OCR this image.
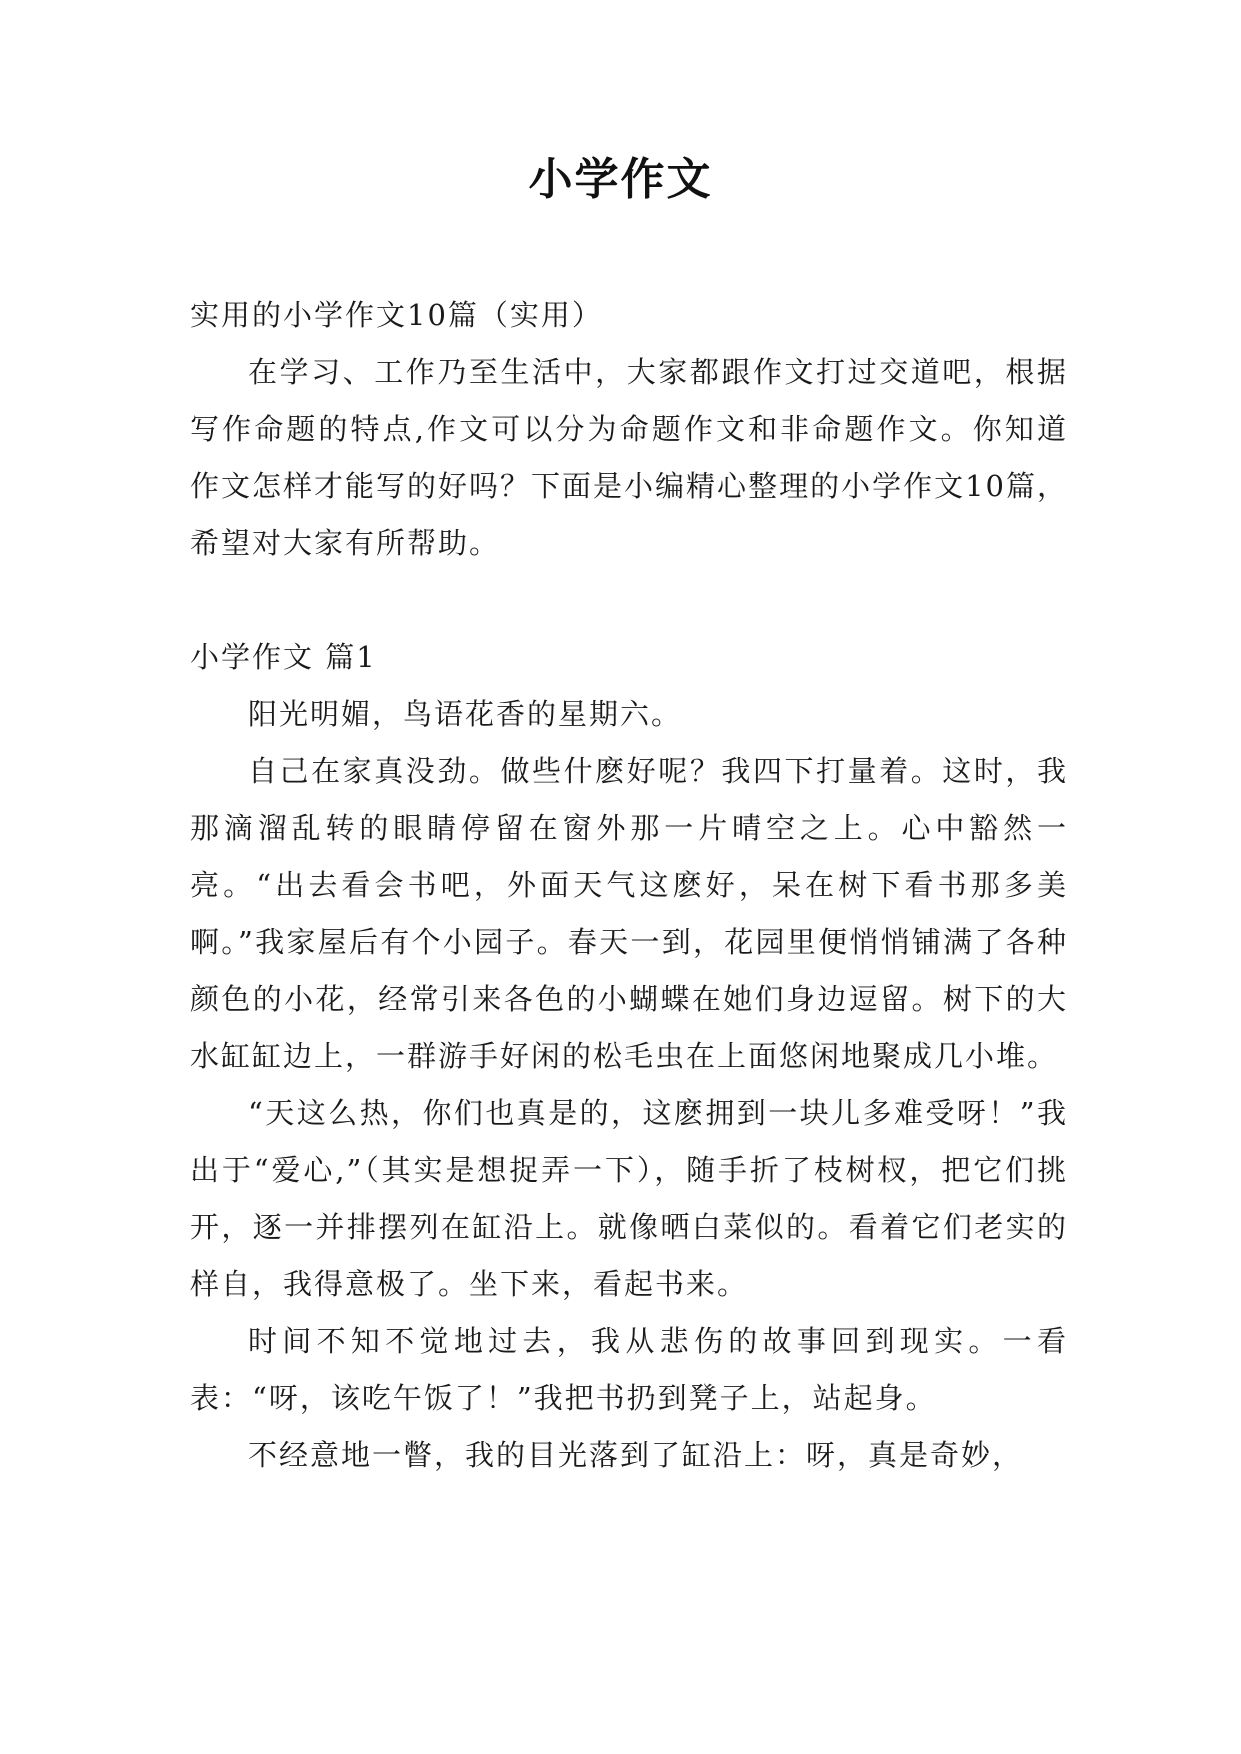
小学作文

实用的小学作文10篇（实用）

在学习、工作乃至生活中，大家都跟作文打过交道吧，根据写作命题的特点,作文可以分为命题作文和非命题作文。你知道作文怎样才能写的好吗？下面是小编精心整理的小学作文10篇，希望对大家有所帮助。

小学作文 篇1

阳光明媚，鸟语花香的星期六。

自己在家真没劲。做些什麽好呢？我四下打量着。这时，我那滴溜乱转的眼睛停留在窗外那一片晴空之上。心中豁然一亮。“出去看会书吧，外面天气这麽好，呆在树下看书那多美啊。”我家屋后有个小园子。春天一到，花园里便悄悄铺满了各种颜色的小花，经常引来各色的小蝴蝶在她们身边逗留。树下的大水缸缸边上，一群游手好闲的松毛虫在上面悠闲地聚成几小堆。

“天这么热，你们也真是的，这麽拥到一块儿多难受呀！”我出于“爱心,”（其实是想捉弄一下），随手折了枝树杈，把它们挑开，逐一并排摆列在缸沿上。就像晒白菜似的。看着它们老实的样自，我得意极了。坐下来，看起书来。

时间不知不觉地过去，我从悲伤的故事回到现实。一看表：“呀，该吃午饭了！”我把书扔到凳子上，站起身。

不经意地一瞥，我的目光落到了缸沿上：呀，真是奇妙，
